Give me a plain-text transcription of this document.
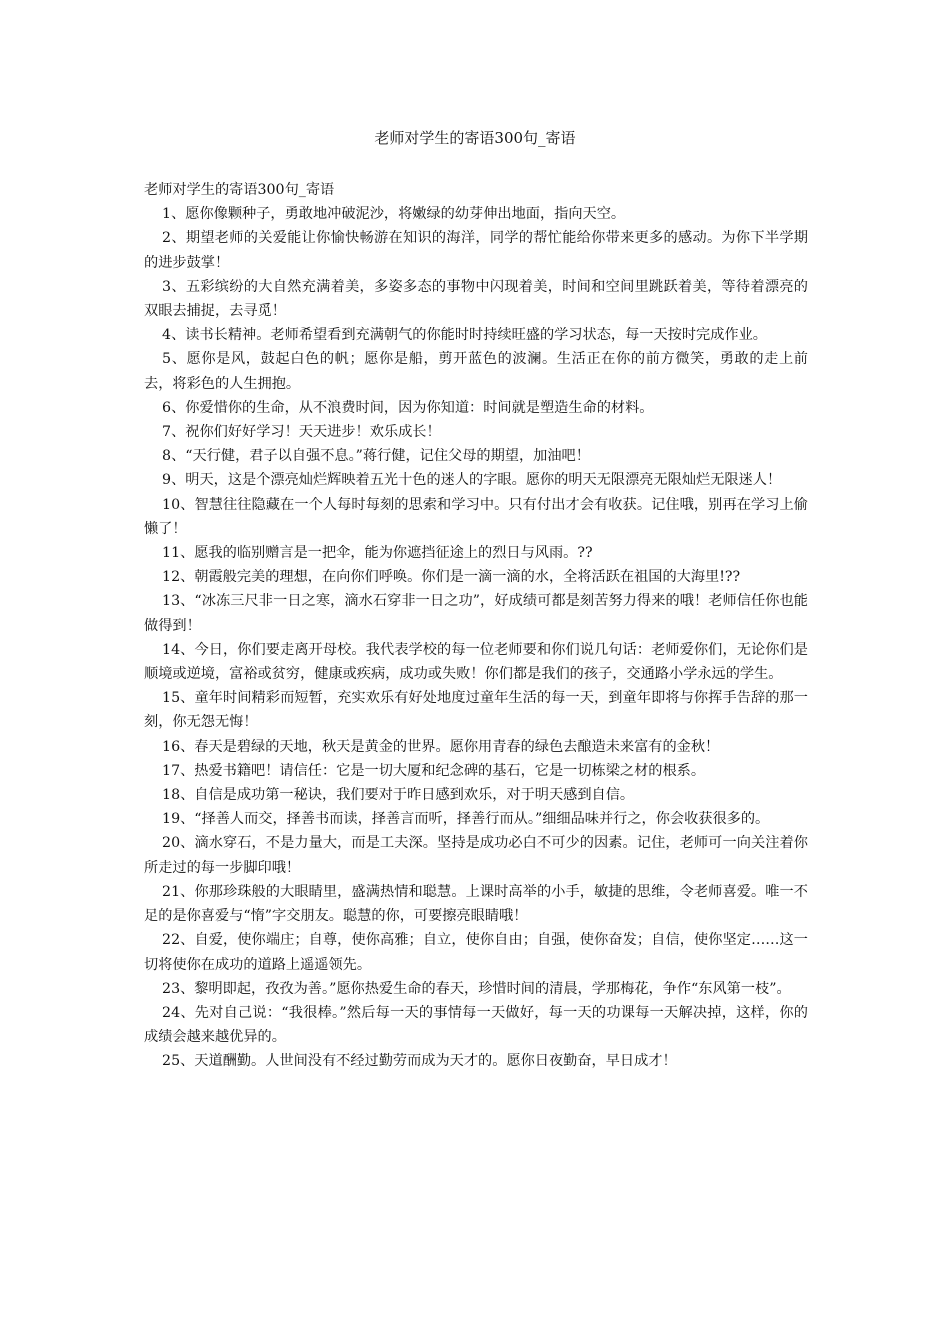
老师对学生的寄语300句_寄语

老师对学生的寄语300句_寄语

1、愿你像颗种子，勇敢地冲破泥沙，将嫩绿的幼芽伸出地面，指向天空。

2、期望老师的关爱能让你愉快畅游在知识的海洋，同学的帮忙能给你带来更多的感动。为你下半学期的进步鼓掌！

3、五彩缤纷的大自然充满着美，多姿多态的事物中闪现着美，时间和空间里跳跃着美，等待着漂亮的双眼去捕捉，去寻觅！

4、读书长精神。老师希望看到充满朝气的你能时时持续旺盛的学习状态，每一天按时完成作业。

5、愿你是风，鼓起白色的帆；愿你是船，剪开蓝色的波澜。生活正在你的前方微笑，勇敢的走上前去，将彩色的人生拥抱。

6、你爱惜你的生命，从不浪费时间，因为你知道：时间就是塑造生命的材料。

7、祝你们好好学习！天天进步！欢乐成长！

8、“天行健，君子以自强不息。”蒋行健，记住父母的期望，加油吧！

9、明天，这是个漂亮灿烂辉映着五光十色的迷人的字眼。愿你的明天无限漂亮无限灿烂无限迷人！

10、智慧往往隐藏在一个人每时每刻的思索和学习中。只有付出才会有收获。记住哦，别再在学习上偷懒了！

11、愿我的临别赠言是一把伞，能为你遮挡征途上的烈日与风雨。??

12、朝霞般完美的理想，在向你们呼唤。你们是一滴一滴的水，全将活跃在祖国的大海里!??

13、“冰冻三尺非一日之寒，滴水石穿非一日之功”，好成绩可都是刻苦努力得来的哦！老师信任你也能做得到！

14、今日，你们要走离开母校。我代表学校的每一位老师要和你们说几句话：老师爱你们，无论你们是顺境或逆境，富裕或贫穷，健康或疾病，成功或失败！你们都是我们的孩子，交通路小学永远的学生。

15、童年时间精彩而短暂，充实欢乐有好处地度过童年生活的每一天，到童年即将与你挥手告辞的那一刻，你无怨无悔！

16、春天是碧绿的天地，秋天是黄金的世界。愿你用青春的绿色去酿造未来富有的金秋！

17、热爱书籍吧！请信任：它是一切大厦和纪念碑的基石，它是一切栋梁之材的根系。

18、自信是成功第一秘诀，我们要对于昨日感到欢乐，对于明天感到自信。

19、“择善人而交，择善书而读，择善言而听，择善行而从。”细细品味并行之，你会收获很多的。

20、滴水穿石，不是力量大，而是工夫深。坚持是成功必白不可少的因素。记住，老师可一向关注着你所走过的每一步脚印哦！

21、你那珍珠般的大眼睛里，盛满热情和聪慧。上课时高举的小手，敏捷的思维，令老师喜爱。唯一不足的是你喜爱与“惰”字交朋友。聪慧的你，可要擦亮眼睛哦！

22、自爱，使你端庄；自尊，使你高雅；自立，使你自由；自强，使你奋发；自信，使你坚定……这一切将使你在成功的道路上遥遥领先。

23、黎明即起，孜孜为善。”愿你热爱生命的春天，珍惜时间的清晨，学那梅花，争作“东风第一枝”。

24、先对自己说：“我很棒。”然后每一天的事情每一天做好，每一天的功课每一天解决掉，这样，你的成绩会越来越优异的。

25、天道酬勤。人世间没有不经过勤劳而成为天才的。愿你日夜勤奋，早日成才！
